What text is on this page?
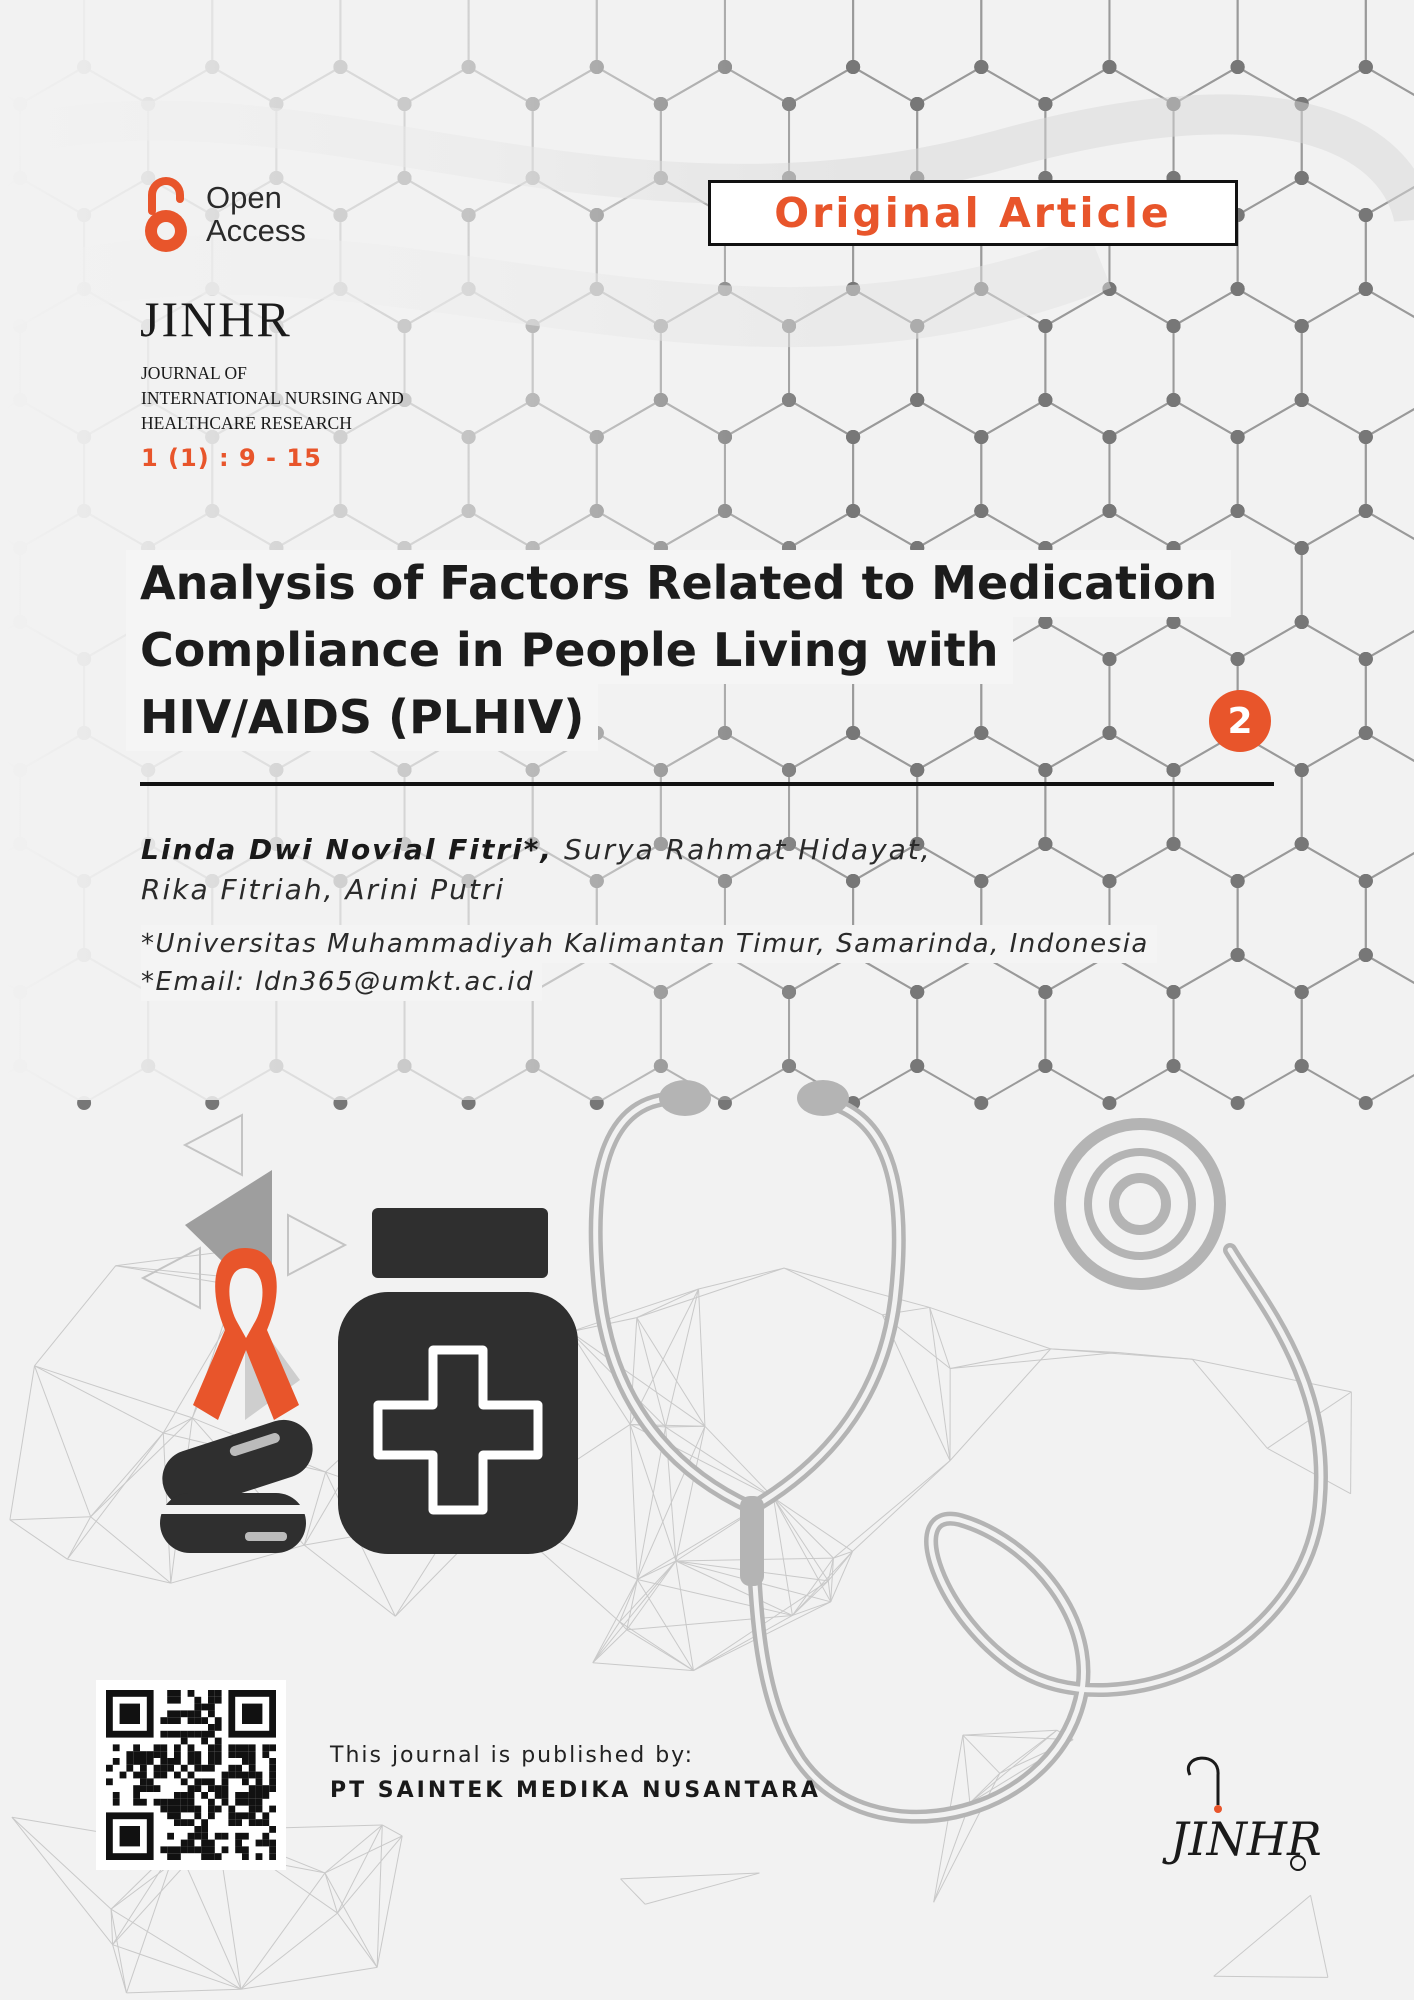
Open
Access	Original Article
JINHR
JOURNAL OF
INTERNATIONAL NURSING AND
HEALTHCARE RESEARCH
1 (1) : 9 - 15
Analysis of Factors Related to Medication
Compliance in People Living with
HIV/AIDS (PLHIV)	2
Linda Dwi Novial Fitri*, Surya Rahmat Hidayat,
Rika Fitriah, Arini Putri
*Universitas Muhammadiyah Kalimantan Timur, Samarinda, Indonesia
*Email: ldn365@umkt.ac.id
This journal is published by:
PT SAINTEK MEDIKA NUSANTARA
JINHR
